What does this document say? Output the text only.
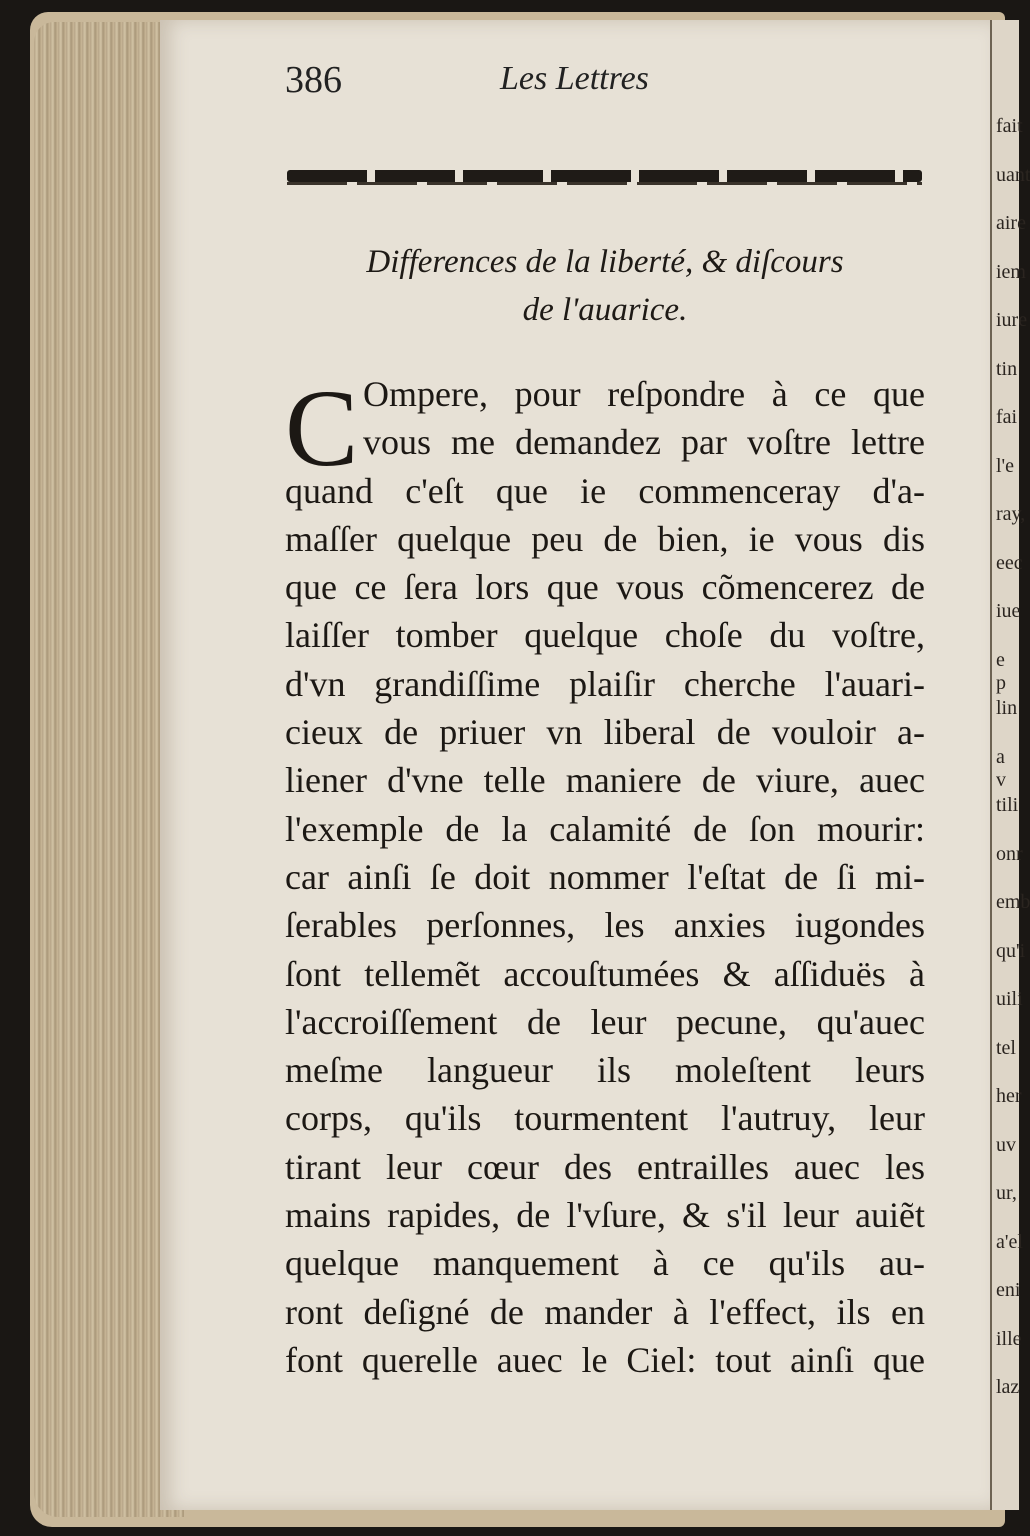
fait
uant
aire
iem
iure
tin
fai
l'e
ray,
eec
iue
e p
lin
a v
tili
onr
emb
qu'i
uili
tel
her
uv
ur,
a'el
eni
ille
laz
386	Les Lettres
Differences de la liberté, & diſcours
de l'auarice.
C Ompere, pour reſpondre à ce que
vous me demandez par voſtre lettre
quand c'eſt que ie commenceray d'a-
maſſer quelque peu de bien, ie vous dis
que ce ſera lors que vous cõmencerez de
laiſſer tomber quelque choſe du voſtre,
d'vn grandiſſime plaiſir cherche l'auari-
cieux de priuer vn liberal de vouloir a-
liener d'vne telle maniere de viure, auec
l'exemple de la calamité de ſon mourir:
car ainſi ſe doit nommer l'eſtat de ſi mi-
ſerables perſonnes, les anxies iugondes
ſont tellemẽt accouſtumées & aſſiduës à
l'accroiſſement de leur pecune, qu'auec
meſme langueur ils moleſtent leurs
corps, qu'ils tourmentent l'autruy, leur
tirant leur cœur des entrailles auec les
mains rapides, de l'vſure, & s'il leur auiẽt
quelque manquement à ce qu'ils au-
ront deſigné de mander à l'effect, ils en
font querelle auec le Ciel: tout ainſi que
